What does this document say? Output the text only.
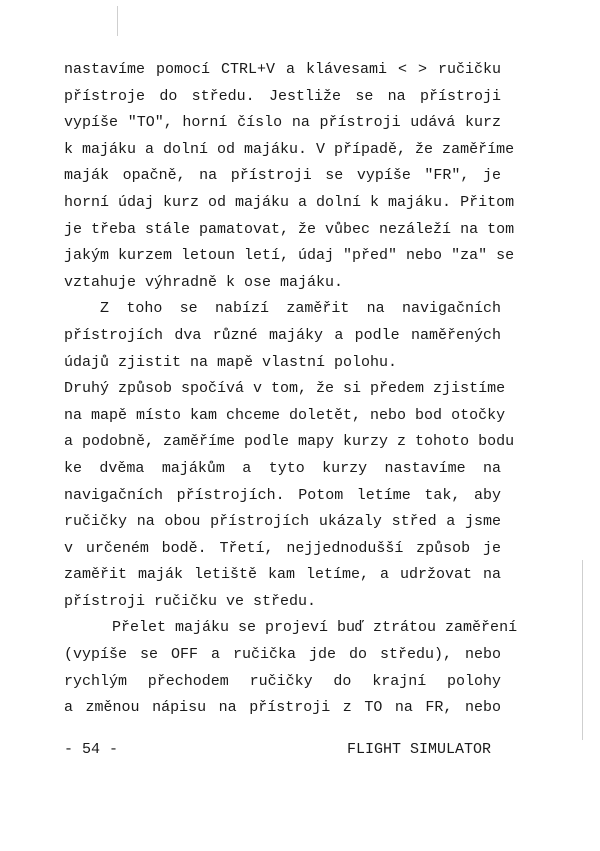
nastavíme pomocí CTRL+V a klávesami < > ručičku
přístroje do středu. Jestliže se na přístroji
vypíše "TO", horní číslo na přístroji udává kurz
k majáku a dolní od majáku. V případě, že zaměříme
maják opačně, na přístroji se vypíše "FR", je
horní údaj kurz od majáku a dolní k majáku. Přitom
je třeba stále pamatovat, že vůbec nezáleží na tom
jakým kurzem letoun letí, údaj "před" nebo "za" se
vztahuje výhradně k ose majáku.
Z toho se nabízí zaměřit na navigačních
přístrojích dva různé majáky a podle naměřených
údajů zjistit na mapě vlastní polohu.
Druhý způsob spočívá v tom, že si předem zjistíme
na mapě místo kam chceme doletět, nebo bod otočky
a podobně, zaměříme podle mapy kurzy z tohoto bodu
ke dvěma majákům a tyto kurzy nastavíme na
navigačních přístrojích. Potom letíme tak, aby
ručičky na obou přístrojích ukázaly střed a jsme
v určeném bodě. Třetí, nejjednodušší způsob je
zaměřit maják letiště kam letíme, a udržovat na
přístroji ručičku ve středu.
Přelet majáku se projeví buď ztrátou zaměření
(vypíše se OFF a ručička jde do středu), nebo
rychlým přechodem ručičky do krajní polohy
a změnou nápisu na přístroji z TO na FR, nebo
- 54 -	FLIGHT SIMULATOR
